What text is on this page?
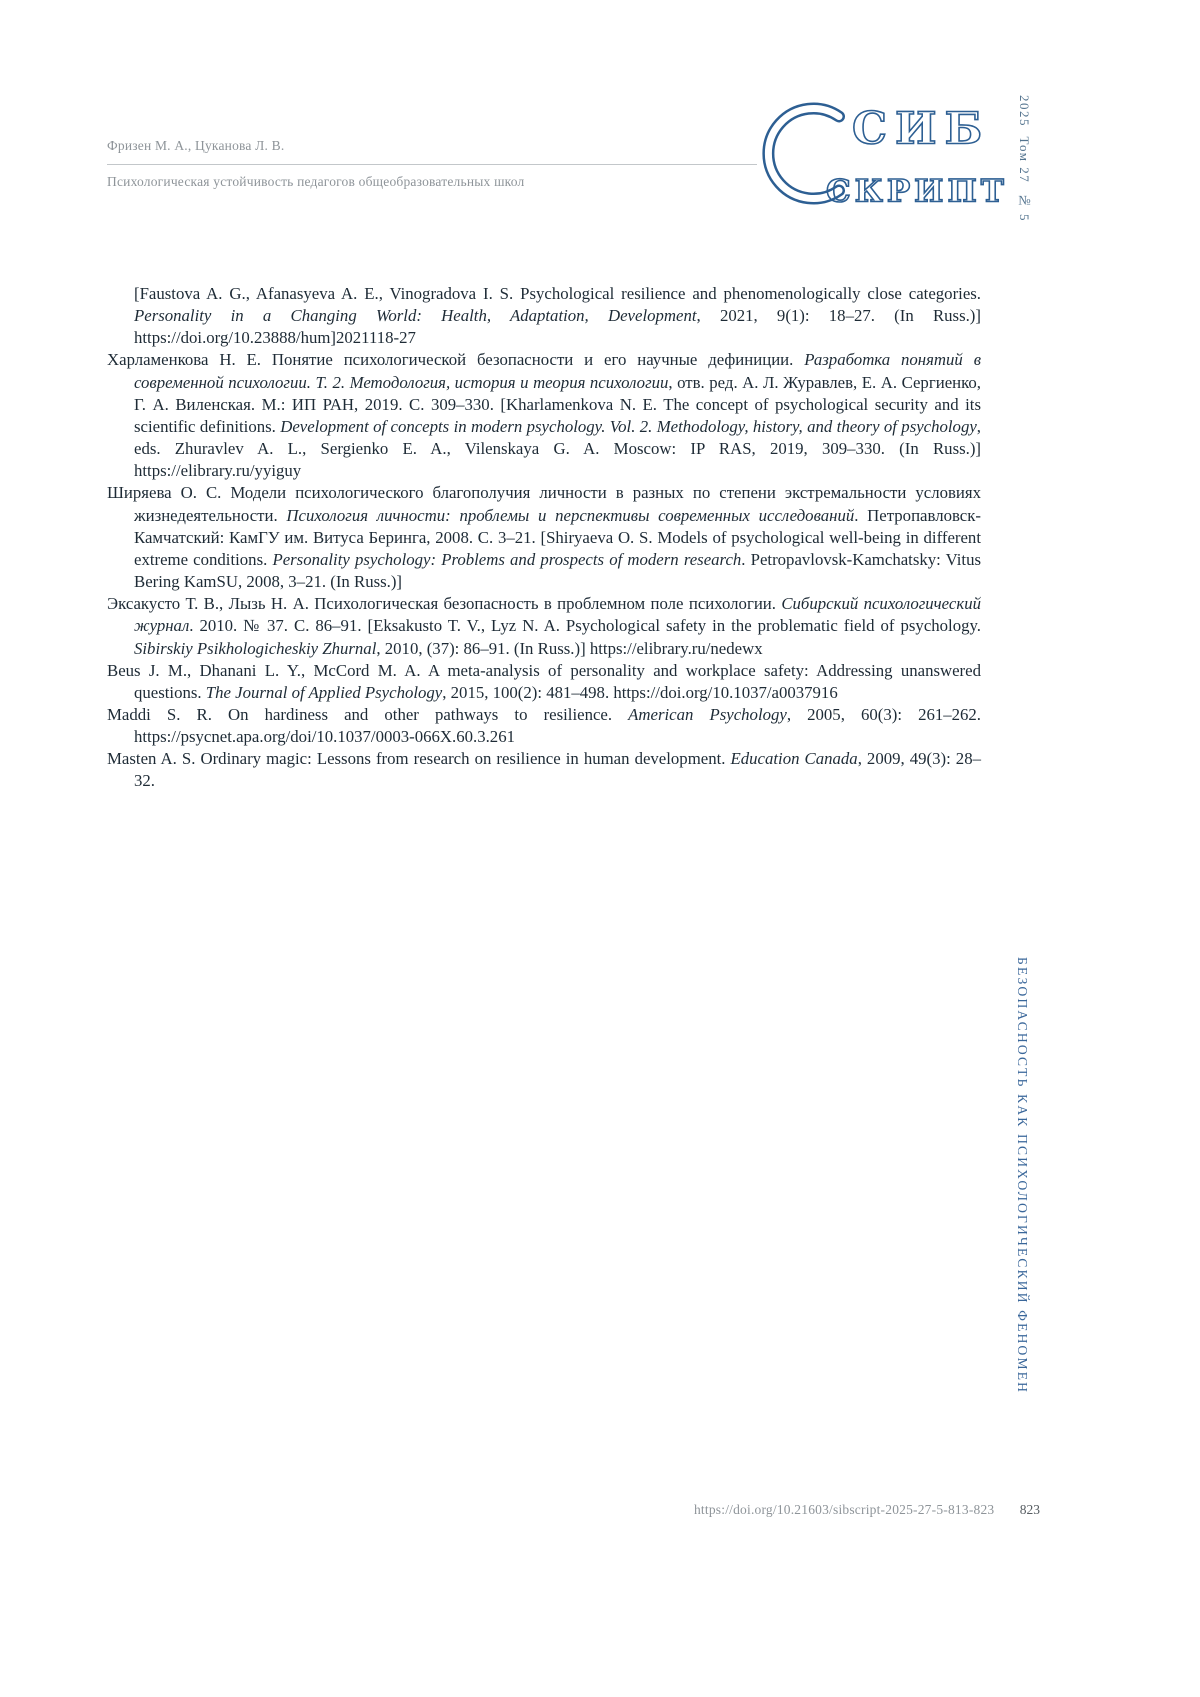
Фризен М. А., Цуканова Л. В.
Психологическая устойчивость педагогов общеобразовательных школ
СИБ
СКРИПТ 2025  Том 27  № 5

[Faustova A. G., Afanasyeva A. E., Vinogradova I. S. Psychological resilience and phenomenologically close categories. Personality in a Changing World: Health, Adaptation, Development, 2021, 9(1): 18–27. (In Russ.)] https://doi.org/10.23888/hum]2021118-27

Харламенкова Н. Е. Понятие психологической безопасности и его научные дефиниции. Разработка понятий в современной психологии. Т. 2. Методология, история и теория психологии, отв. ред. А. Л. Журавлев, Е. А. Сергиенко, Г. А. Виленская. М.: ИП РАН, 2019. С. 309–330. [Kharlamenkova N. E. The concept of psychological security and its scientific definitions. Development of concepts in modern psychology. Vol. 2. Methodology, history, and theory of psychology, eds. Zhuravlev A. L., Sergienko E. A., Vilenskaya G. A. Moscow: IP RAS, 2019, 309–330. (In Russ.)] https://elibrary.ru/yyiguy

Ширяева О. С. Модели психологического благополучия личности в разных по степени экстремальности условиях жизнедеятельности. Психология личности: проблемы и перспективы современных исследований. Петропавловск-Камчатский: КамГУ им. Витуса Беринга, 2008. С. 3–21. [Shiryaeva O. S. Models of psychological well-being in different extreme conditions. Personality psychology: Problems and prospects of modern research. Petropavlovsk-Kamchatsky: Vitus Bering KamSU, 2008, 3–21. (In Russ.)]

Эксакусто Т. В., Лызь Н. А. Психологическая безопасность в проблемном поле психологии. Сибирский психологический журнал. 2010. № 37. С. 86–91. [Eksakusto T. V., Lyz N. A. Psychological safety in the problematic field of psychology. Sibirskiy Psikhologicheskiy Zhurnal, 2010, (37): 86–91. (In Russ.)] https://elibrary.ru/nedewx

Beus J. M., Dhanani L. Y., McCord M. A. A meta-analysis of personality and workplace safety: Addressing unanswered questions. The Journal of Applied Psychology, 2015, 100(2): 481–498. https://doi.org/10.1037/a0037916

Maddi S. R. On hardiness and other pathways to resilience. American Psychology, 2005, 60(3): 261–262. https://psycnet.apa.org/doi/10.1037/0003-066X.60.3.261

Masten A. S. Ordinary magic: Lessons from research on resilience in human development. Education Canada, 2009, 49(3): 28–32.

БЕЗОПАСНОСТЬ КАК ПСИХОЛОГИЧЕСКИЙ ФЕНОМЕН
https://doi.org/10.21603/sibscript-2025-27-5-813-823 823
